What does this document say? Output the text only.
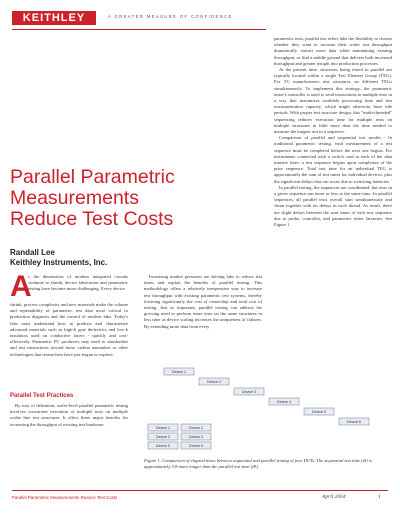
KEITHLEY	A GREATER MEASURE OF CONFIDENCE
Parallel Parametric
Measurements
Reduce Test Costs
Randall Lee
Keithley Instruments, Inc.
A

s the dimensions of modern integrated circuits continue to shrink, device fabrication and parametric testing have become more challenging. Every device

shrink, process complexity and new materials make the volume and repeatability of parametric test data more critical to production diagnosis and the control of modern fabs. Today's fabs must understand how to produce and characterize advanced materials such as high-k gate dielectrics and low-k insulators used on conductive layers - quickly and cost-effectively. Parametric PC producers may need to standardize and test instructions toward those carbon nanotubes or other technologies that researchers have just begun to explore.

Parallel Test Practices

By way of definition, wafer-level parallel parametric testing involves concurrent execution of multiple tests on multiple scribe line test structures. It offers three major benefits for increasing the throughput of existing test hardware.

Increasing market pressures are driving fabs to reduce test times and exploit the benefits of parallel testing. This methodology offers a relatively inexpensive way to increase test throughput with existing parametric test systems, thereby lowering significantly the cost of ownership and total cost of testing. Just as important, parallel testing can address the growing need to perform more tests on the same structures in less time as device scaling increases the uniqueness of failures. By extending more data from every

parametric tests, parallel test offers fabs the flexibility to choose whether they want to increase their wafer test throughput dramatically, extract more data while maintaining existing throughput, or find a middle ground that delivers both increased throughput and greater insight into production processes.

At the present time, structures being tested in parallel are typically located within a single Test Element Group (TEG). For TC manufacturers test structures on different TEGs simultaneously. To implement this strategy, the parametric tester's controller is used to send instructions to multiple tests in a way that maximizes available processing time and test instrumentation capacity, which might otherwise have idle periods. With proper test structure design, this "multi-threaded" sequencing reduces execution time for multiple tests on multiple structures in little more than the time needed to measure the longest test in a sequence.

Comparison of parallel and sequential test modes - In traditional parametric testing, each measurement of a test sequence must be completed before the next one begins. For instruments connected with a switch card in each of the data transfer lines, a test sequence begins upon completion of the prior sequence. Total test time for an individual TEG is approximately the sum of test times for individual devices, plus the significant delays that can occur due to switching latencies.

In parallel testing, the sequences are coordinated, but tests in a given sequence run more or less at the same time. In parallel sequences, all parallel tests overall start simultaneously and churn together with no delays in each thread. As result, there are slight delays between the start times of each test sequence due to probe, controller, and parametric tester latencies. See Figure 1.

Device 1
Device 2
Device 3
Device 4
Device 5
Device 6
Device 1	Device 2
Device 3	Device 4
Device 5	Device 6
Figure 1. Comparison of elapsed times between sequential and parallel testing of four DUTs. The sequential test time (tS) is approximately 3.8 times longer than the parallel test time (tP).
Parallel Parametric Measurements Reduce Test Costs	April 2004	1
